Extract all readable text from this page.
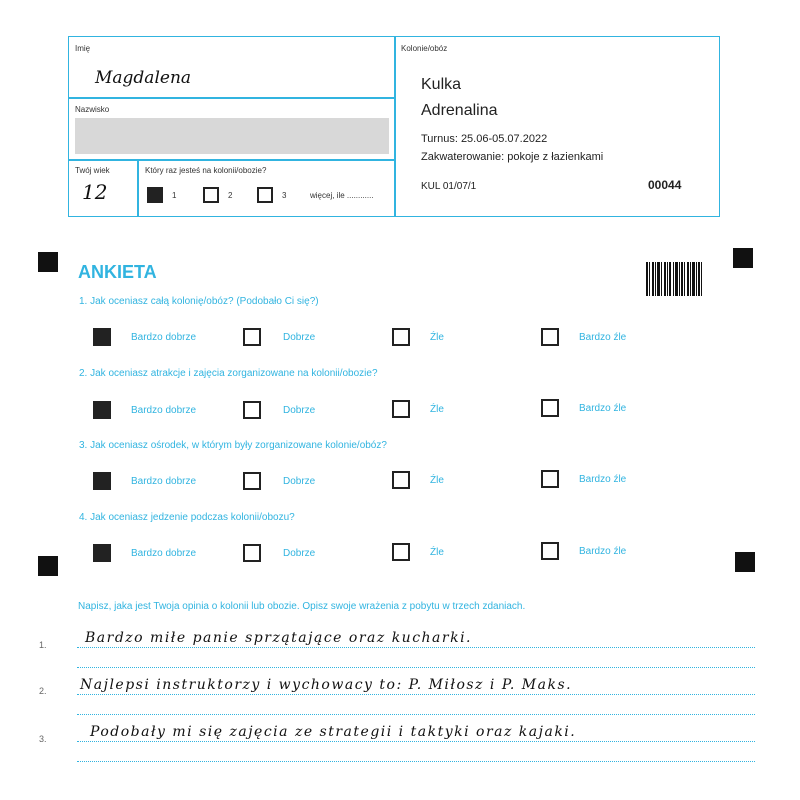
Imię
Magdalena
Nazwisko
Twój wiek
12
Który raz jesteś na kolonii/obozie?
1	2	3	więcej, ile ............
Kolonie/obóz
Kulka
Adrenalina
Turnus: 25.06-05.07.2022
Zakwaterowanie: pokoje z łazienkami
KUL 01/07/1	00044
ANKIETA
1. Jak oceniasz całą kolonię/obóz? (Podobało Ci się?)
Bardzo dobrze	Dobrze	Źle	Bardzo źle
2. Jak oceniasz atrakcje i zajęcia zorganizowane na kolonii/obozie?
Bardzo dobrze	Dobrze	Źle	Bardzo źle
3. Jak oceniasz ośrodek, w którym były zorganizowane kolonie/obóz?
Bardzo dobrze	Dobrze	Źle	Bardzo źle
4. Jak oceniasz jedzenie podczas kolonii/obozu?
Bardzo dobrze	Dobrze	Źle	Bardzo źle
Napisz, jaka jest Twoja opinia o kolonii lub obozie. Opisz swoje wrażenia z pobytu w trzech zdaniach.
1.	Bardzo miłe panie sprzątające oraz kucharki.
2. Najlepsi instruktorzy i wychowacy to: P. Miłosz i P. Maks.
3.	Podobały mi się zajęcia ze strategii i taktyki oraz kajaki.
